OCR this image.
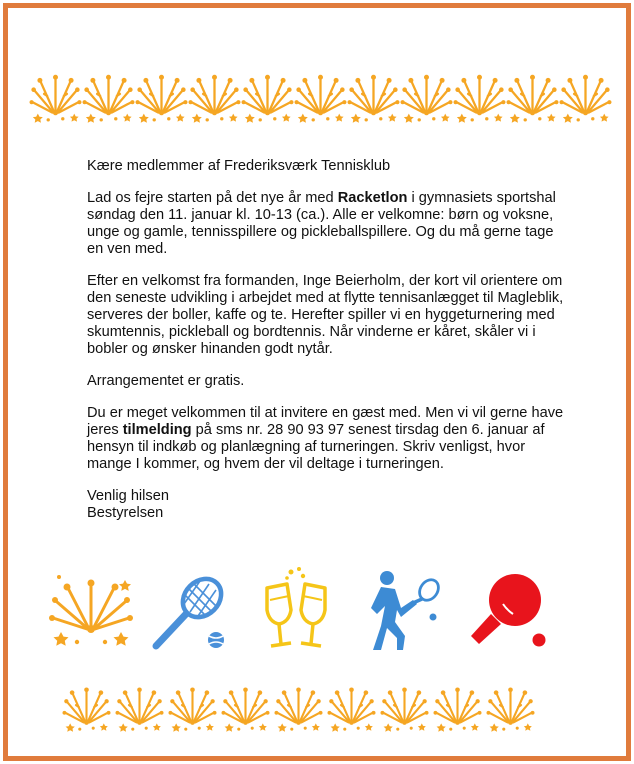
Kære medlemmer af Frederiksværk Tennisklub

Lad os fejre starten på det nye år med Racketlon i gymnasiets sportshal søndag den 11. januar kl. 10-13 (ca.). Alle er velkomne: børn og voksne, unge og gamle, tennisspillere og pickleballspillere. Og du må gerne tage en ven med.

Efter en velkomst fra formanden, Inge Beierholm, der kort vil orientere om den seneste udvikling i arbejdet med at flytte tennisanlægget til Magleblik, serveres der boller, kaffe og te. Herefter spiller vi en hyggeturnering med skumtennis, pickleball og bordtennis. Når vinderne er kåret, skåler vi i bobler og ønsker hinanden godt nytår.

Arrangementet er gratis.

Du er meget velkommen til at invitere en gæst med. Men vi vil gerne have jeres tilmelding på sms nr. 28 90 93 97 senest tirsdag den 6. januar af hensyn til indkøb og planlægning af turneringen. Skriv venligst, hvor mange I kommer, og hvem der vil deltage i turneringen.

Venlig hilsen
Bestyrelsen
